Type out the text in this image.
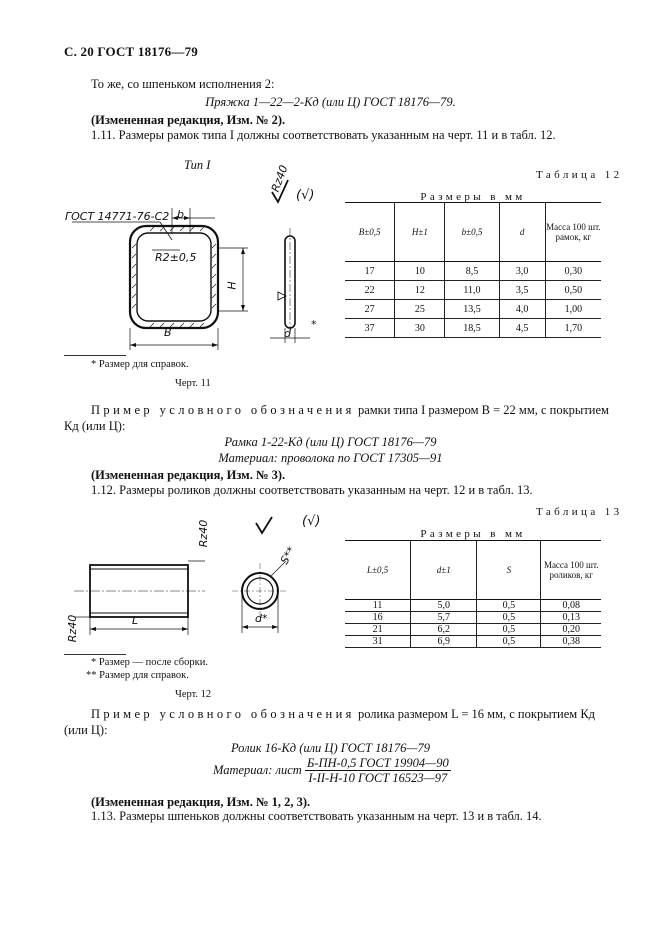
С. 20 ГОСТ 18176—79
То же, со шпеньком исполнения 2:
Пряжка 1—22—2-Кд (или Ц) ГОСТ 18176—79.
(Измененная редакция, Изм. № 2).
1.11. Размеры рамок типа I должны соответствовать указанным на черт. 11 и в табл. 12.
Тип I
ГОСТ 14771-76-С2 b
R2±0,5
H
B	d
*
Rz40
(√)
Таблица 12
Размеры в мм
B±0,5	H±1	b±0,5	d	Масса 100 шт. рамок, кг
17	10	8,5	3,0	0,30
22	12	11,0	3,5	0,50
27	25	13,5	4,0	1,00
37	30	18,5	4,5	1,70
* Размер для справок.
Черт. 11
Пример условного обозначения рамки типа I размером B = 22 мм, с покрытием
Кд (или Ц):
Рамка 1-22-Кд (или Ц) ГОСТ 18176—79
Материал: проволока по ГОСТ 17305—91
(Измененная редакция, Изм. № 3).
1.12. Размеры роликов должны соответствовать указанным на черт. 12 и в табл. 13.
Rz40
Rz40	L	d*
S**
(√)
Таблица 13
Размеры в мм
L±0,5	d±1	S	Масса 100 шт. роликов, кг
11	5,0	0,5	0,08
16	5,7	0,5	0,13
21	6,2	0,5	0,20
31	6,9	0,5	0,38
* Размер — после сборки.
** Размер для справок.
Черт. 12
Пример условного обозначения ролика размером L = 16 мм, с покрытием Кд
(или Ц):
Ролик 16-Кд (или Ц) ГОСТ 18176—79
Материал: лист $\frac{\text{Б-ПН-0,5 ГОСТ 19904—90}}{\text{I-II-Н-10 ГОСТ 16523—97}}$
(Измененная редакция, Изм. № 1, 2, 3).
1.13. Размеры шпеньков должны соответствовать указанным на черт. 13 и в табл. 14.
